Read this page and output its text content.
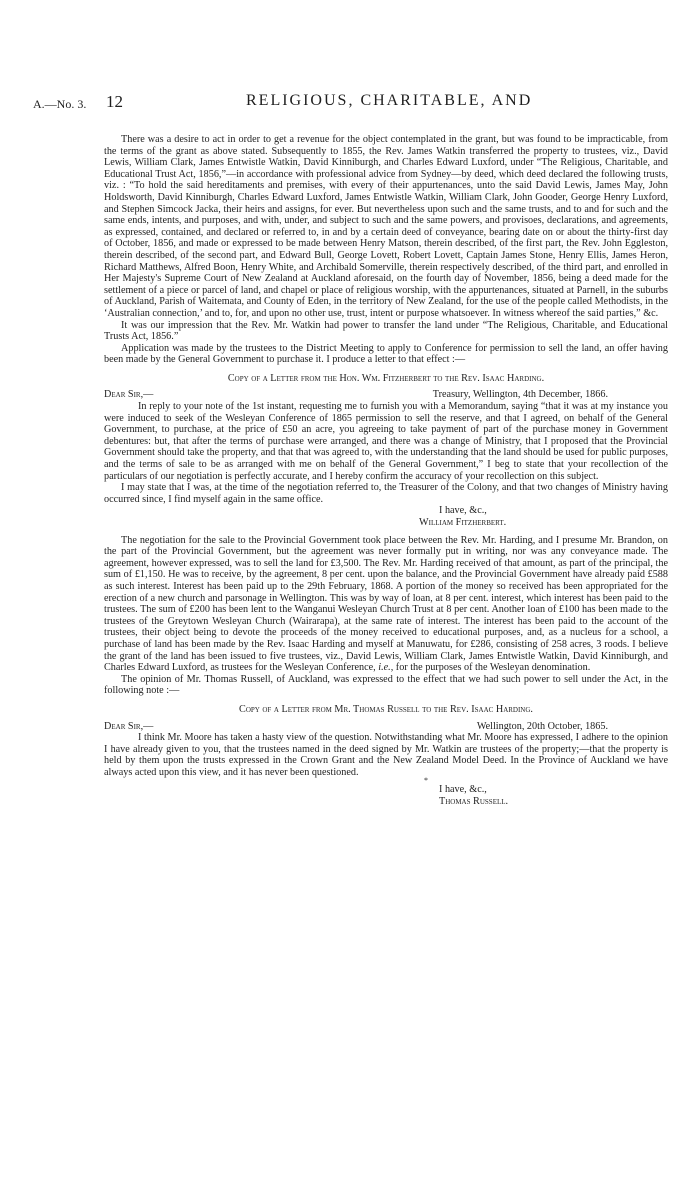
A.—No. 3. 12	RELIGIOUS, CHARITABLE, AND

There was a desire to act in order to get a revenue for the object contemplated in the grant, but was found to be impracticable, from the terms of the grant as above stated. Subsequently to 1855, the Rev. James Watkin transferred the property to trustees, viz., David Lewis, William Clark, James Entwistle Watkin, David Kinniburgh, and Charles Edward Luxford, under “The Religious, Charitable, and Educational Trust Act, 1856,”—in accordance with professional advice from Sydney—by deed, which deed declared the following trusts, viz. : “To hold the said hereditaments and premises, with every of their appurtenances, unto the said David Lewis, James May, John Holdsworth, David Kinniburgh, Charles Edward Luxford, James Entwistle Watkin, William Clark, John Gooder, George Henry Luxford, and Stephen Simcock Jacka, their heirs and assigns, for ever. But nevertheless upon such and the same trusts, and to and for such and the same ends, intents, and purposes, and with, under, and subject to such and the same powers, and provisoes, declarations, and agreements, as expressed, contained, and declared or referred to, in and by a certain deed of conveyance, bearing date on or about the thirty-first day of October, 1856, and made or expressed to be made between Henry Matson, therein described, of the first part, the Rev. John Eggleston, therein described, of the second part, and Edward Bull, George Lovett, Robert Lovett, Captain James Stone, Henry Ellis, James Heron, Richard Matthews, Alfred Boon, Henry White, and Archibald Somerville, therein respectively described, of the third part, and enrolled in Her Majesty's Supreme Court of New Zealand at Auckland aforesaid, on the fourth day of November, 1856, being a deed made for the settlement of a piece or parcel of land, and chapel or place of religious worship, with the appurtenances, situated at Parnell, in the suburbs of Auckland, Parish of Waitemata, and County of Eden, in the territory of New Zealand, for the use of the people called Methodists, in the ‘Australian connection,’ and to, for, and upon no other use, trust, intent or purpose whatsoever. In witness whereof the said parties,” &c.

It was our impression that the Rev. Mr. Watkin had power to transfer the land under “The Religious, Charitable, and Educational Trusts Act, 1856.”

Application was made by the trustees to the District Meeting to apply to Conference for permission to sell the land, an offer having been made by the General Government to purchase it. I produce a letter to that effect :—

Copy of a Letter from the Hon. Wm. Fitzherbert to the Rev. Isaac Harding.

Dear Sir,—	Treasury, Wellington, 4th December, 1866.

In reply to your note of the 1st instant, requesting me to furnish you with a Memorandum, saying “that it was at my instance you were induced to seek of the Wesleyan Conference of 1865 permission to sell the reserve, and that I agreed, on behalf of the General Government, to purchase, at the price of £50 an acre, you agreeing to take payment of part of the purchase money in Government debentures: but, that after the terms of purchase were arranged, and there was a change of Ministry, that I proposed that the Provincial Government should take the property, and that that was agreed to, with the understanding that the land should be used for public purposes, and the terms of sale to be as arranged with me on behalf of the General Government,” I beg to state that your recollection of the particulars of our negotiation is perfectly accurate, and I hereby confirm the accuracy of your recollection on this subject.

I may state that I was, at the time of the negotiation referred to, the Treasurer of the Colony, and that two changes of Ministry having occurred since, I find myself again in the same office.

I have, &c.,

William Fitzherbert.

The negotiation for the sale to the Provincial Government took place between the Rev. Mr. Harding, and I presume Mr. Brandon, on the part of the Provincial Government, but the agreement was never formally put in writing, nor was any conveyance made. The agreement, however expressed, was to sell the land for £3,500. The Rev. Mr. Harding received of that amount, as part of the principal, the sum of £1,150. He was to receive, by the agreement, 8 per cent. upon the balance, and the Provincial Government have already paid £588 as such interest. Interest has been paid up to the 29th February, 1868. A portion of the money so received has been appropriated for the erection of a new church and parsonage in Wellington. This was by way of loan, at 8 per cent. interest, which interest has been paid to the trustees. The sum of £200 has been lent to the Wanganui Wesleyan Church Trust at 8 per cent. Another loan of £100 has been made to the trustees of the Greytown Wesleyan Church (Wairarapa), at the same rate of interest. The interest has been paid to the account of the trustees, their object being to devote the proceeds of the money received to educational purposes, and, as a nucleus for a school, a purchase of land has been made by the Rev. Isaac Harding and myself at Manuwatu, for £286, consisting of 258 acres, 3 roods. I believe the grant of the land has been issued to five trustees, viz., David Lewis, William Clark, James Entwistle Watkin, David Kinniburgh, and Charles Edward Luxford, as trustees for the Wesleyan Conference, i.e., for the purposes of the Wesleyan denomination.

The opinion of Mr. Thomas Russell, of Auckland, was expressed to the effect that we had such power to sell under the Act, in the following note :—

Copy of a Letter from Mr. Thomas Russell to the Rev. Isaac Harding.

Dear Sir,—	Wellington, 20th October, 1865.

I think Mr. Moore has taken a hasty view of the question. Notwithstanding what Mr. Moore has expressed, I adhere to the opinion I have already given to you, that the trustees named in the deed signed by Mr. Watkin are trustees of the property;—that the property is held by them upon the trusts expressed in the Crown Grant and the New Zealand Model Deed. In the Province of Auckland we have always acted upon this view, and it has never been questioned.

*

I have, &c.,

Thomas Russell.
